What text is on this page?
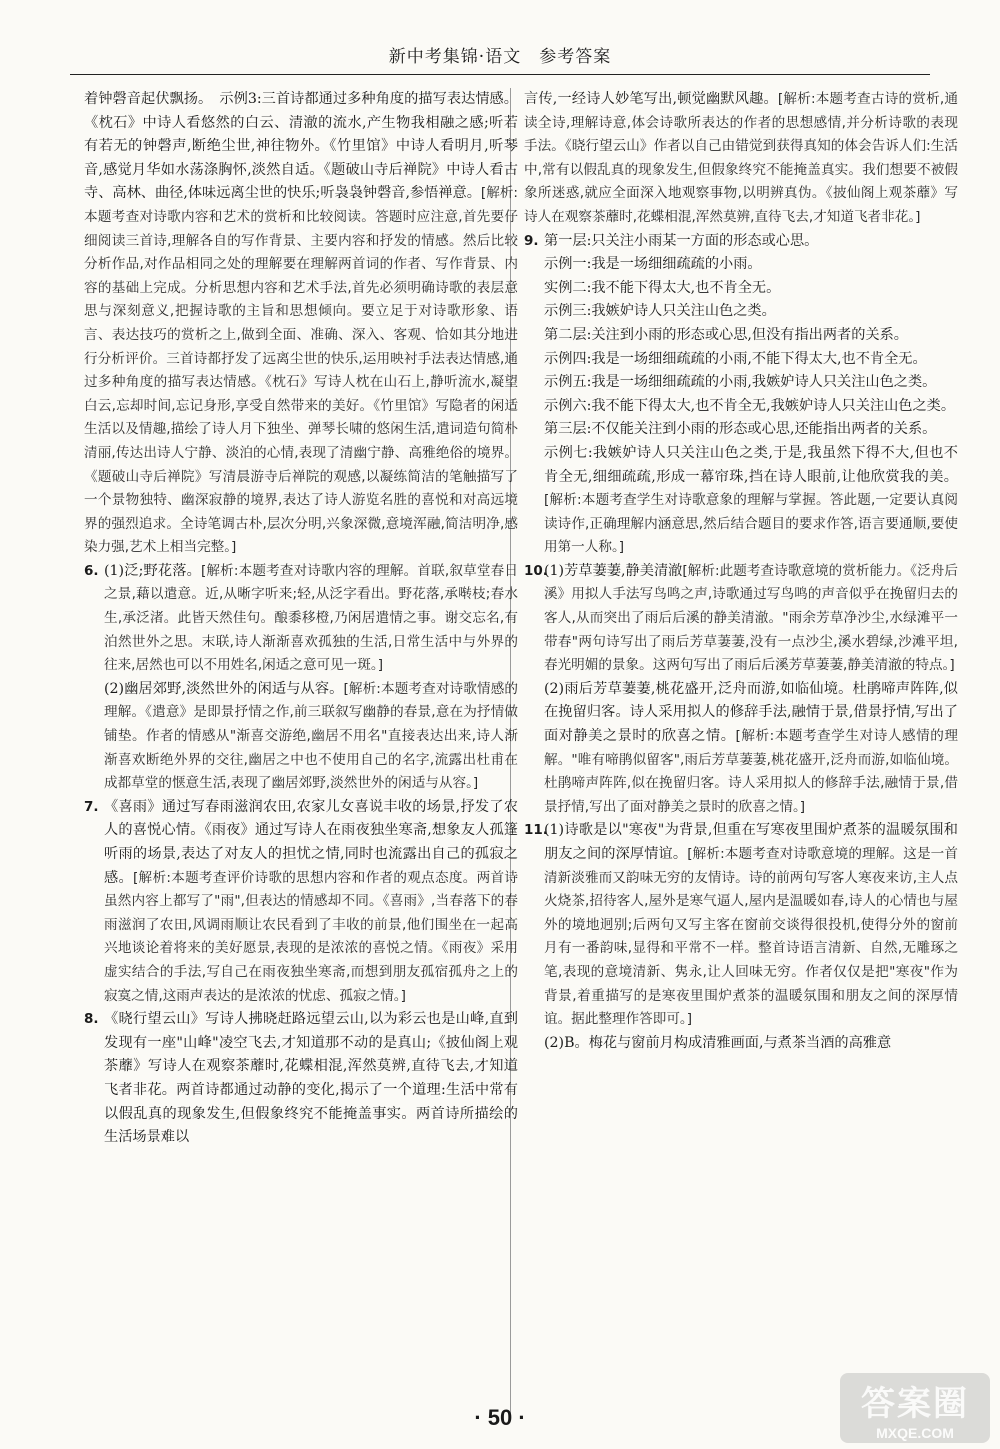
新中考集锦·语文　参考答案

着钟磬音起伏飘扬。　示例3:三首诗都通过多种角度的描写表达情感。《枕石》中诗人看悠然的白云、清澈的流水,产生物我相融之感;听若有若无的钟磬声,断绝尘世,神往物外。《竹里馆》中诗人看明月,听琴音,感觉月华如水荡涤胸怀,淡然自适。《题破山寺后禅院》中诗人看古寺、高林、曲径,体味远离尘世的快乐;听袅袅钟磬音,参悟禅意。[解析:本题考查对诗歌内容和艺术的赏析和比较阅读。答题时应注意,首先要仔细阅读三首诗,理解各自的写作背景、主要内容和抒发的情感。然后比较分析作品,对作品相同之处的理解要在理解两首词的作者、写作背景、内容的基础上完成。分析思想内容和艺术手法,首先必须明确诗歌的表层意思与深刻意义,把握诗歌的主旨和思想倾向。要立足于对诗歌形象、语言、表达技巧的赏析之上,做到全面、准确、深入、客观、恰如其分地进行分析评价。三首诗都抒发了远离尘世的快乐,运用映衬手法表达情感,通过多种角度的描写表达情感。《枕石》写诗人枕在山石上,静听流水,凝望白云,忘却时间,忘记身形,享受自然带来的美好。《竹里馆》写隐者的闲适生活以及情趣,描绘了诗人月下独坐、弹琴长啸的悠闲生活,遣词造句简朴清丽,传达出诗人宁静、淡泊的心情,表现了清幽宁静、高雅绝俗的境界。《题破山寺后禅院》写清晨游寺后禅院的观感,以凝练简洁的笔触描写了一个景物独特、幽深寂静的境界,表达了诗人游览名胜的喜悦和对高远境界的强烈追求。全诗笔调古朴,层次分明,兴象深微,意境浑融,简洁明净,感染力强,艺术上相当完整。]

6. (1)泛;野花落。[解析:本题考查对诗歌内容的理解。首联,叙草堂春日之景,藉以遣意。近,从晰字听来;轻,从泛字看出。野花落,承啭枝;春水生,承泛渚。此皆天然佳句。酿黍移橙,乃闲居遣情之事。谢交忘名,有泊然世外之思。末联,诗人渐渐喜欢孤独的生活,日常生活中与外界的往来,居然也可以不用姓名,闲适之意可见一斑。]

(2)幽居郊野,淡然世外的闲适与从容。[解析:本题考查对诗歌情感的理解。《遣意》是即景抒情之作,前三联叙写幽静的春景,意在为抒情做铺垫。作者的情感从"渐喜交游绝,幽居不用名"直接表达出来,诗人渐渐喜欢断绝外界的交往,幽居之中也不使用自己的名字,流露出杜甫在成都草堂的惬意生活,表现了幽居郊野,淡然世外的闲适与从容。]

7. 《喜雨》通过写春雨滋润农田,农家儿女喜说丰收的场景,抒发了农人的喜悦心情。《雨夜》通过写诗人在雨夜独坐寒斋,想象友人孤篷听雨的场景,表达了对友人的担忧之情,同时也流露出自己的孤寂之感。[解析:本题考查评价诗歌的思想内容和作者的观点态度。两首诗虽然内容上都写了"雨",但表达的情感却不同。《喜雨》,当春落下的春雨滋润了农田,风调雨顺让农民看到了丰收的前景,他们围坐在一起高兴地谈论着将来的美好愿景,表现的是浓浓的喜悦之情。《雨夜》采用虚实结合的手法,写自己在雨夜独坐寒斋,而想到朋友孤宿孤舟之上的寂寞之情,这雨声表达的是浓浓的忧虑、孤寂之情。]

8. 《晓行望云山》写诗人拂晓赶路远望云山,以为彩云也是山峰,直到发现有一座"山峰"凌空飞去,才知道那不动的是真山;《披仙阁上观茶蘼》写诗人在观察茶蘼时,花蝶相混,浑然莫辨,直待飞去,才知道飞者非花。两首诗都通过动静的变化,揭示了一个道理:生活中常有以假乱真的现象发生,但假象终究不能掩盖事实。两首诗所描绘的生活场景难以

言传,一经诗人妙笔写出,顿觉幽默风趣。[解析:本题考查古诗的赏析,通读全诗,理解诗意,体会诗歌所表达的作者的思想感情,并分析诗歌的表现手法。《晓行望云山》作者以自己由错觉到获得真知的体会告诉人们:生活中,常有以假乱真的现象发生,但假象终究不能掩盖真实。我们想要不被假象所迷惑,就应全面深入地观察事物,以明辨真伪。《披仙阁上观茶蘼》写诗人在观察茶蘼时,花蝶相混,浑然莫辨,直待飞去,才知道飞者非花。]

9. 第一层:只关注小雨某一方面的形态或心思。

示例一:我是一场细细疏疏的小雨。

实例二:我不能下得太大,也不肯全无。

示例三:我嫉妒诗人只关注山色之类。

第二层:关注到小雨的形态或心思,但没有指出两者的关系。

示例四:我是一场细细疏疏的小雨,不能下得太大,也不肯全无。

示例五:我是一场细细疏疏的小雨,我嫉妒诗人只关注山色之类。

示例六:我不能下得太大,也不肯全无,我嫉妒诗人只关注山色之类。

第三层:不仅能关注到小雨的形态或心思,还能指出两者的关系。

示例七:我嫉妒诗人只关注山色之类,于是,我虽然下得不大,但也不肯全无,细细疏疏,形成一幕帘珠,挡在诗人眼前,让他欣赏我的美。[解析:本题考查学生对诗歌意象的理解与掌握。答此题,一定要认真阅读诗作,正确理解内涵意思,然后结合题目的要求作答,语言要通顺,要使用第一人称。]

10.

(1)芳草萋萋,静美清澈[解析:此题考查诗歌意境的赏析能力。《泛舟后溪》用拟人手法写鸟鸣之声,诗歌通过写鸟鸣的声音似乎在挽留归去的客人,从而突出了雨后后溪的静美清澈。"雨余芳草净沙尘,水绿滩平一带春"两句诗写出了雨后芳草萋萋,没有一点沙尘,溪水碧绿,沙滩平坦,春光明媚的景象。这两句写出了雨后后溪芳草萋萋,静美清澈的特点。]

(2)雨后芳草萋萋,桃花盛开,泛舟而游,如临仙境。杜鹃啼声阵阵,似在挽留归客。诗人采用拟人的修辞手法,融情于景,借景抒情,写出了面对静美之景时的欣喜之情。[解析:本题考查学生对诗人感情的理解。"唯有啼鹃似留客",雨后芳草萋萋,桃花盛开,泛舟而游,如临仙境。杜鹃啼声阵阵,似在挽留归客。诗人采用拟人的修辞手法,融情于景,借景抒情,写出了面对静美之景时的欣喜之情。]

11.

(1)诗歌是以"寒夜"为背景,但重在写寒夜里围炉煮茶的温暖氛围和朋友之间的深厚情谊。[解析:本题考查对诗歌意境的理解。这是一首清新淡雅而又韵味无穷的友情诗。诗的前两句写客人寒夜来访,主人点火烧茶,招待客人,屋外是寒气逼人,屋内是温暖如春,诗人的心情也与屋外的境地迥别;后两句又写主客在窗前交谈得很投机,使得分外的窗前月有一番韵味,显得和平常不一样。整首诗语言清新、自然,无雕琢之笔,表现的意境清新、隽永,让人回味无穷。作者仅仅是把"寒夜"作为背景,着重描写的是寒夜里围炉煮茶的温暖氛围和朋友之间的深厚情谊。据此整理作答即可。]

(2)B。梅花与窗前月构成清雅画面,与煮茶当酒的高雅意

· 50 ·	答案圈
MXQE.COM
